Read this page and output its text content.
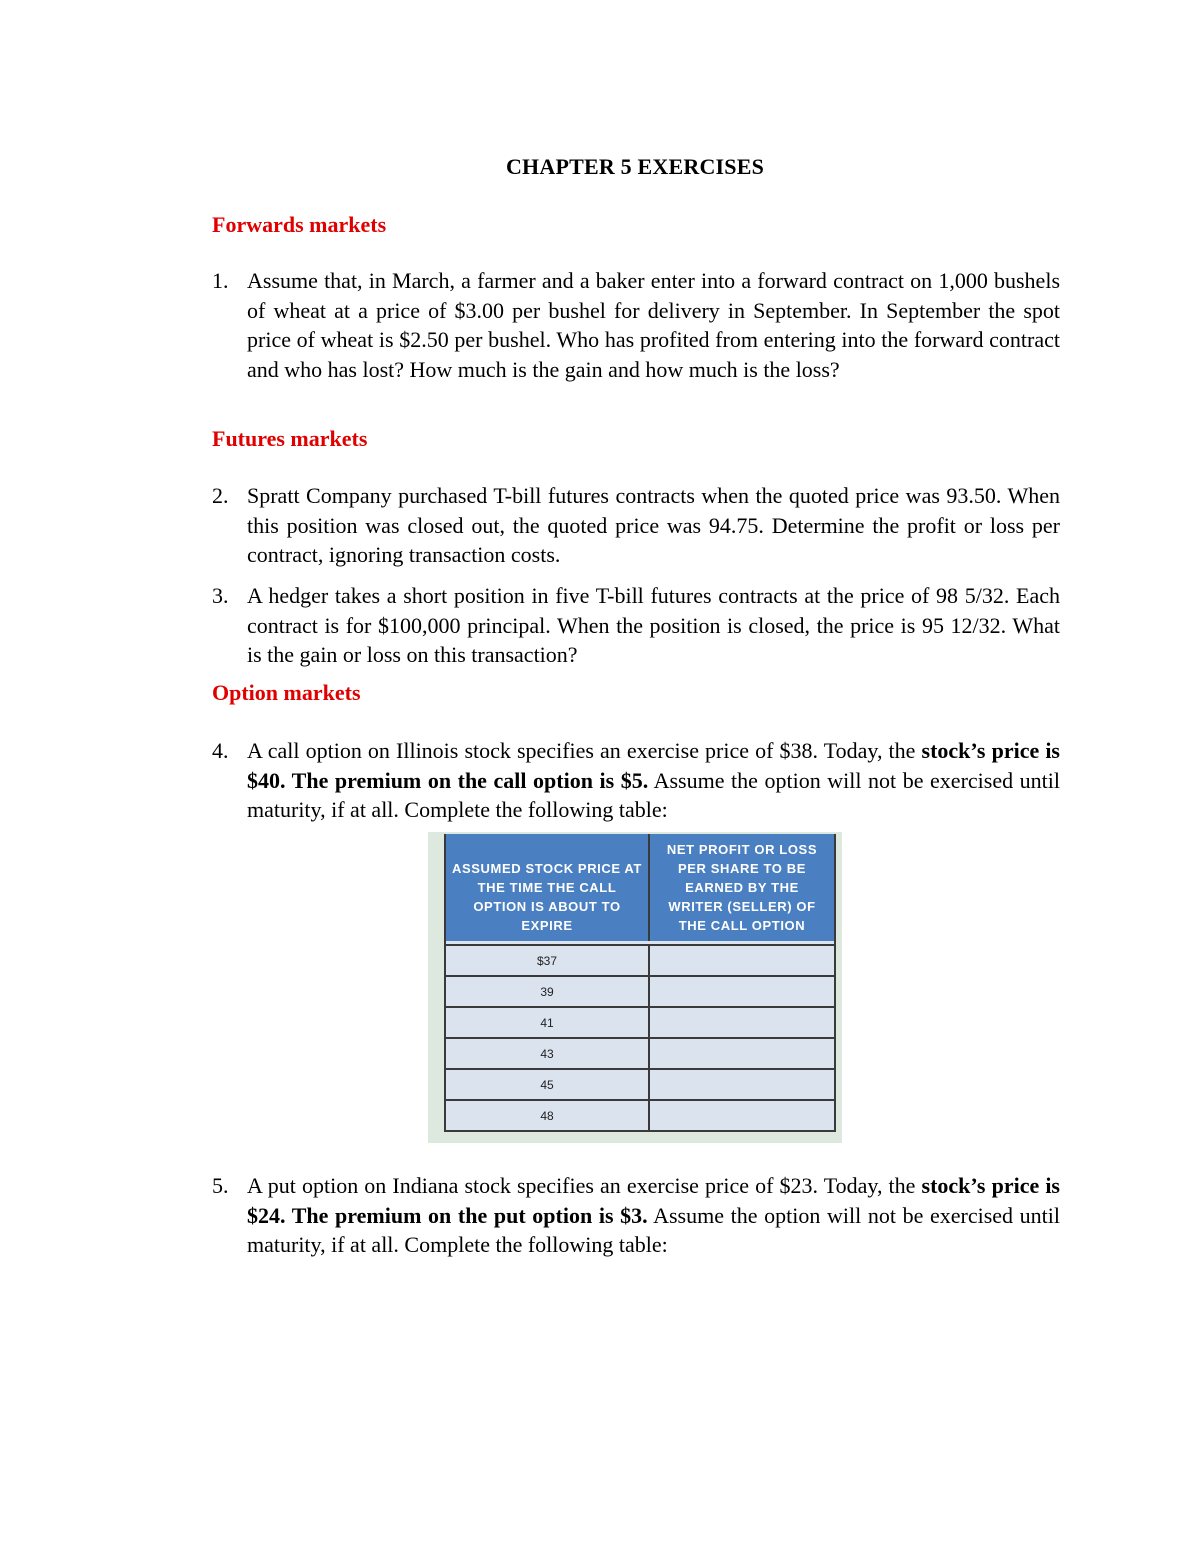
CHAPTER 5 EXERCISES
Forwards markets
1. Assume that, in March, a farmer and a baker enter into a forward contract on 1,000 bushels of wheat at a price of $3.00 per bushel for delivery in September. In September the spot price of wheat is $2.50 per bushel. Who has profited from entering into the forward contract and who has lost? How much is the gain and how much is the loss?
Futures markets
2. Spratt Company purchased T-bill futures contracts when the quoted price was 93.50. When this position was closed out, the quoted price was 94.75. Determine the profit or loss per contract, ignoring transaction costs.
3. A hedger takes a short position in five T-bill futures contracts at the price of 98 5/32. Each contract is for $100,000 principal. When the position is closed, the price is 95 12/32. What is the gain or loss on this transaction?
Option markets
4. A call option on Illinois stock specifies an exercise price of $38. Today, the stock’s price is $40. The premium on the call option is $5. Assume the option will not be exercised until maturity, if at all. Complete the following table:
ASSUMED STOCK PRICE AT THE TIME THE CALL OPTION IS ABOUT TO EXPIRE	NET PROFIT OR LOSS PER SHARE TO BE EARNED BY THE WRITER (SELLER) OF THE CALL OPTION

$37	
39	
41	
43	
45	
48	
5. A put option on Indiana stock specifies an exercise price of $23. Today, the stock’s price is $24. The premium on the put option is $3. Assume the option will not be exercised until maturity, if at all. Complete the following table:
